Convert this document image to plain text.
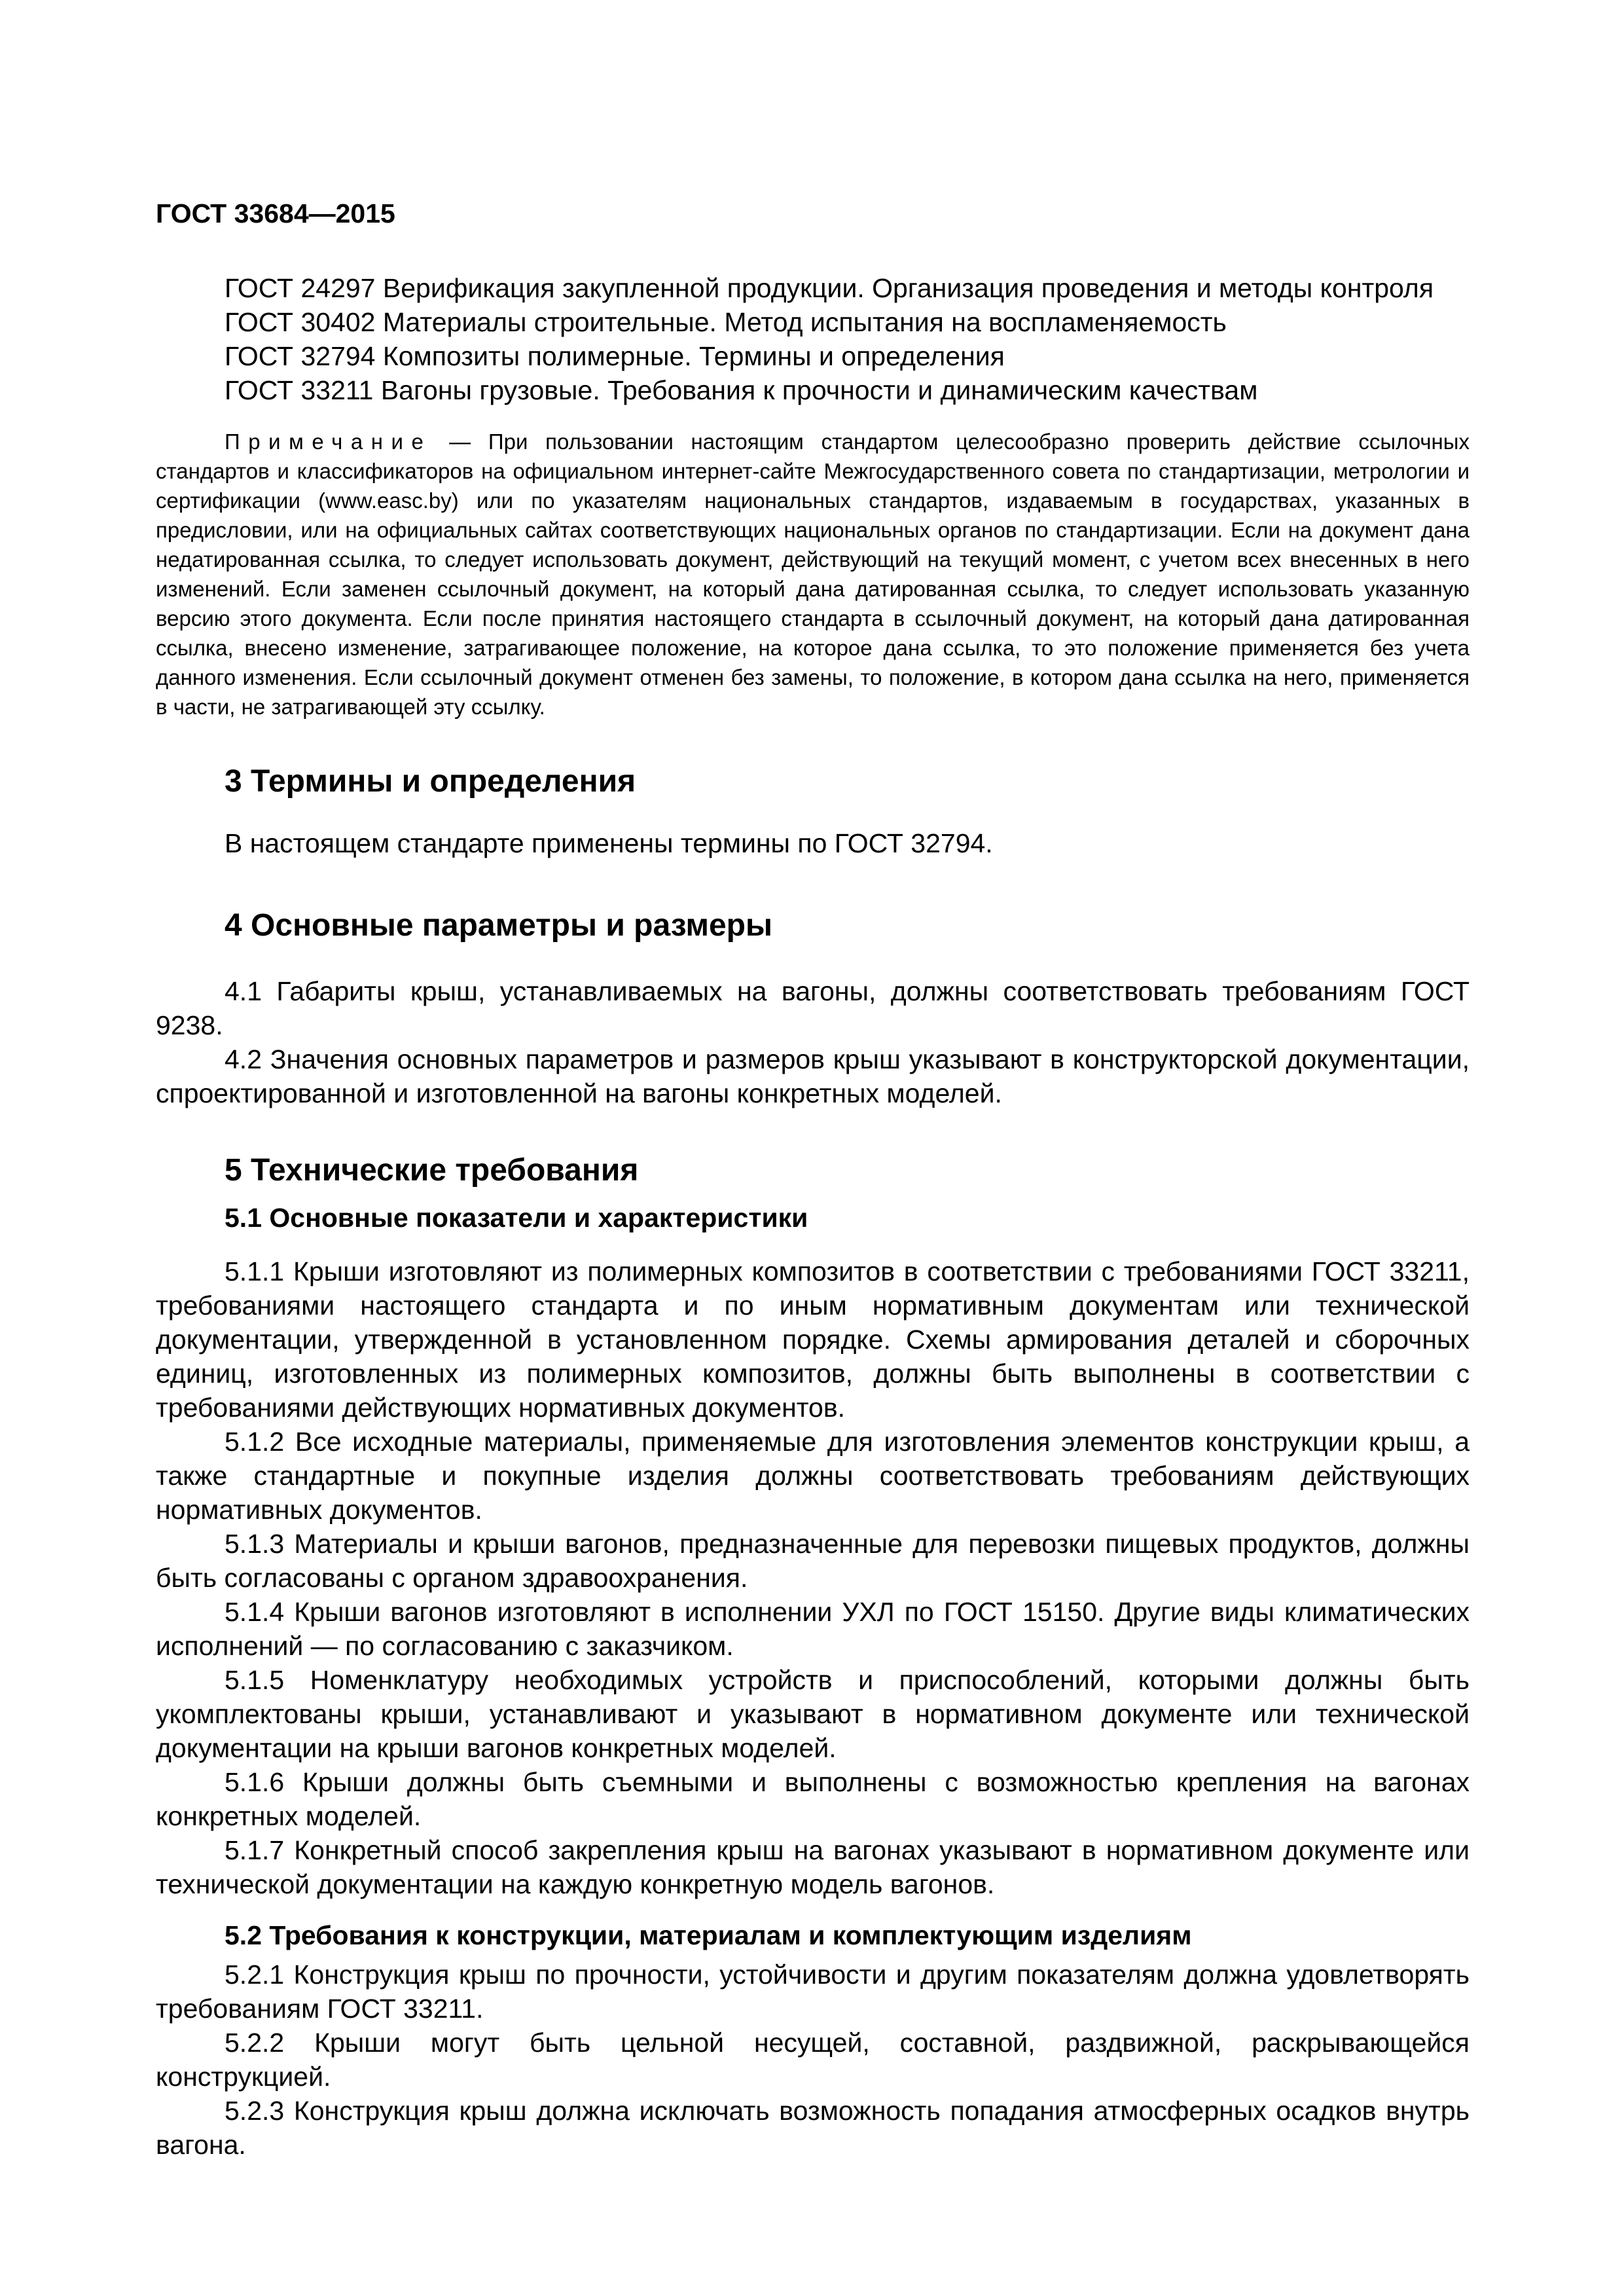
ГОСТ 33684—2015

ГОСТ 24297 Верификация закупленной продукции. Организация проведения и методы контроля

ГОСТ 30402 Материалы строительные. Метод испытания на воспламеняемость

ГОСТ 32794 Композиты полимерные. Термины и определения

ГОСТ 33211 Вагоны грузовые. Требования к прочности и динамическим качествам

Примечание — При пользовании настоящим стандартом целесообразно проверить действие ссылочных стандартов и классификаторов на официальном интернет-сайте Межгосударственного совета по стандартизации, метрологии и сертификации (www.easc.by) или по указателям национальных стандартов, издаваемым в государствах, указанных в предисловии, или на официальных сайтах соответствующих национальных органов по стандартизации. Если на документ дана недатированная ссылка, то следует использовать документ, действующий на текущий момент, с учетом всех внесенных в него изменений. Если заменен ссылочный документ, на который дана датированная ссылка, то следует использовать указанную версию этого документа. Если после принятия настоящего стандарта в ссылочный документ, на который дана датированная ссылка, внесено изменение, затрагивающее положение, на которое дана ссылка, то это положение применяется без учета данного изменения. Если ссылочный документ отменен без замены, то положение, в котором дана ссылка на него, применяется в части, не затрагивающей эту ссылку.

3 Термины и определения

В настоящем стандарте применены термины по ГОСТ 32794.

4 Основные параметры и размеры

4.1 Габариты крыш, устанавливаемых на вагоны, должны соответствовать требованиям ГОСТ 9238.

4.2 Значения основных параметров и размеров крыш указывают в конструкторской документации, спроектированной и изготовленной на вагоны конкретных моделей.

5 Технические требования
5.1 Основные показатели и характеристики

5.1.1 Крыши изготовляют из полимерных композитов в соответствии с требованиями ГОСТ 33211, требованиями настоящего стандарта и по иным нормативным документам или технической документации, утвержденной в установленном порядке. Схемы армирования деталей и сборочных единиц, изготовленных из полимерных композитов, должны быть выполнены в соответствии с требованиями действующих нормативных документов.

5.1.2 Все исходные материалы, применяемые для изготовления элементов конструкции крыш, а также стандартные и покупные изделия должны соответствовать требованиям действующих нормативных документов.

5.1.3 Материалы и крыши вагонов, предназначенные для перевозки пищевых продуктов, должны быть согласованы с органом здравоохранения.

5.1.4 Крыши вагонов изготовляют в исполнении УХЛ по ГОСТ 15150. Другие виды климатических исполнений — по согласованию с заказчиком.

5.1.5 Номенклатуру необходимых устройств и приспособлений, которыми должны быть укомплектованы крыши, устанавливают и указывают в нормативном документе или технической документации на крыши вагонов конкретных моделей.

5.1.6 Крыши должны быть съемными и выполнены с возможностью крепления на вагонах конкретных моделей.

5.1.7 Конкретный способ закрепления крыш на вагонах указывают в нормативном документе или технической документации на каждую конкретную модель вагонов.

5.2 Требования к конструкции, материалам и комплектующим изделиям

5.2.1 Конструкция крыш по прочности, устойчивости и другим показателям должна удовлетворять требованиям ГОСТ 33211.

5.2.2 Крыши могут быть цельной несущей, составной, раздвижной, раскрывающейся конструкцией.

5.2.3 Конструкция крыш должна исключать возможность попадания атмосферных осадков внутрь вагона.
